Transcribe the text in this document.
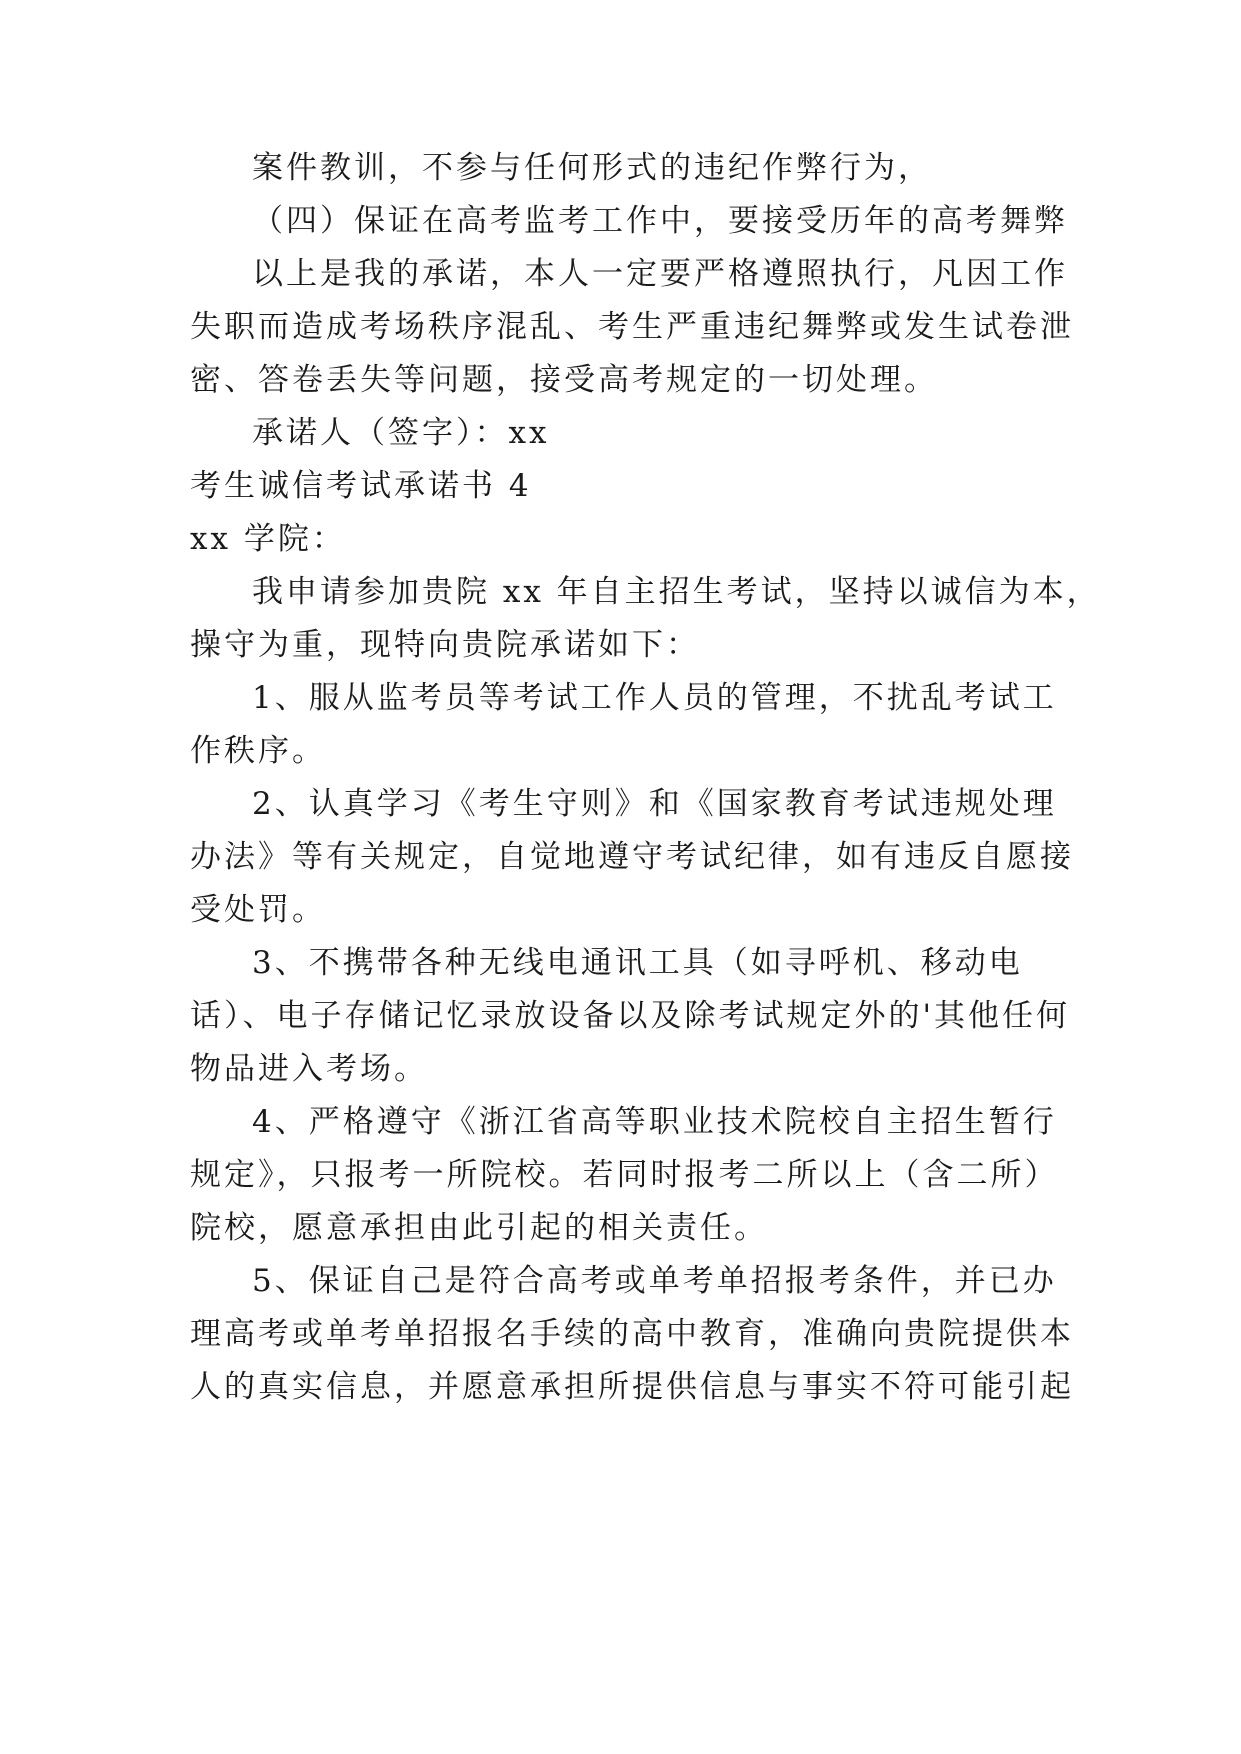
案件教训，不参与任何形式的违纪作弊行为，
（四）保证在高考监考工作中，要接受历年的高考舞弊
以上是我的承诺，本人一定要严格遵照执行，凡因工作
失职而造成考场秩序混乱、考生严重违纪舞弊或发生试卷泄
密、答卷丢失等问题，接受高考规定的一切处理。
承诺人（签字）：xx
考生诚信考试承诺书 4
xx 学院：
我申请参加贵院 xx 年自主招生考试，坚持以诚信为本，
操守为重，现特向贵院承诺如下：
1、服从监考员等考试工作人员的管理，不扰乱考试工
作秩序。
2、认真学习《考生守则》和《国家教育考试违规处理
办法》等有关规定，自觉地遵守考试纪律，如有违反自愿接
受处罚。
3、不携带各种无线电通讯工具（如寻呼机、移动电
话）、电子存储记忆录放设备以及除考试规定外的'其他任何
物品进入考场。
4、严格遵守《浙江省高等职业技术院校自主招生暂行
规定》，只报考一所院校。若同时报考二所以上（含二所）
院校，愿意承担由此引起的相关责任。
5、保证自己是符合高考或单考单招报考条件，并已办
理高考或单考单招报名手续的高中教育，准确向贵院提供本
人的真实信息，并愿意承担所提供信息与事实不符可能引起
